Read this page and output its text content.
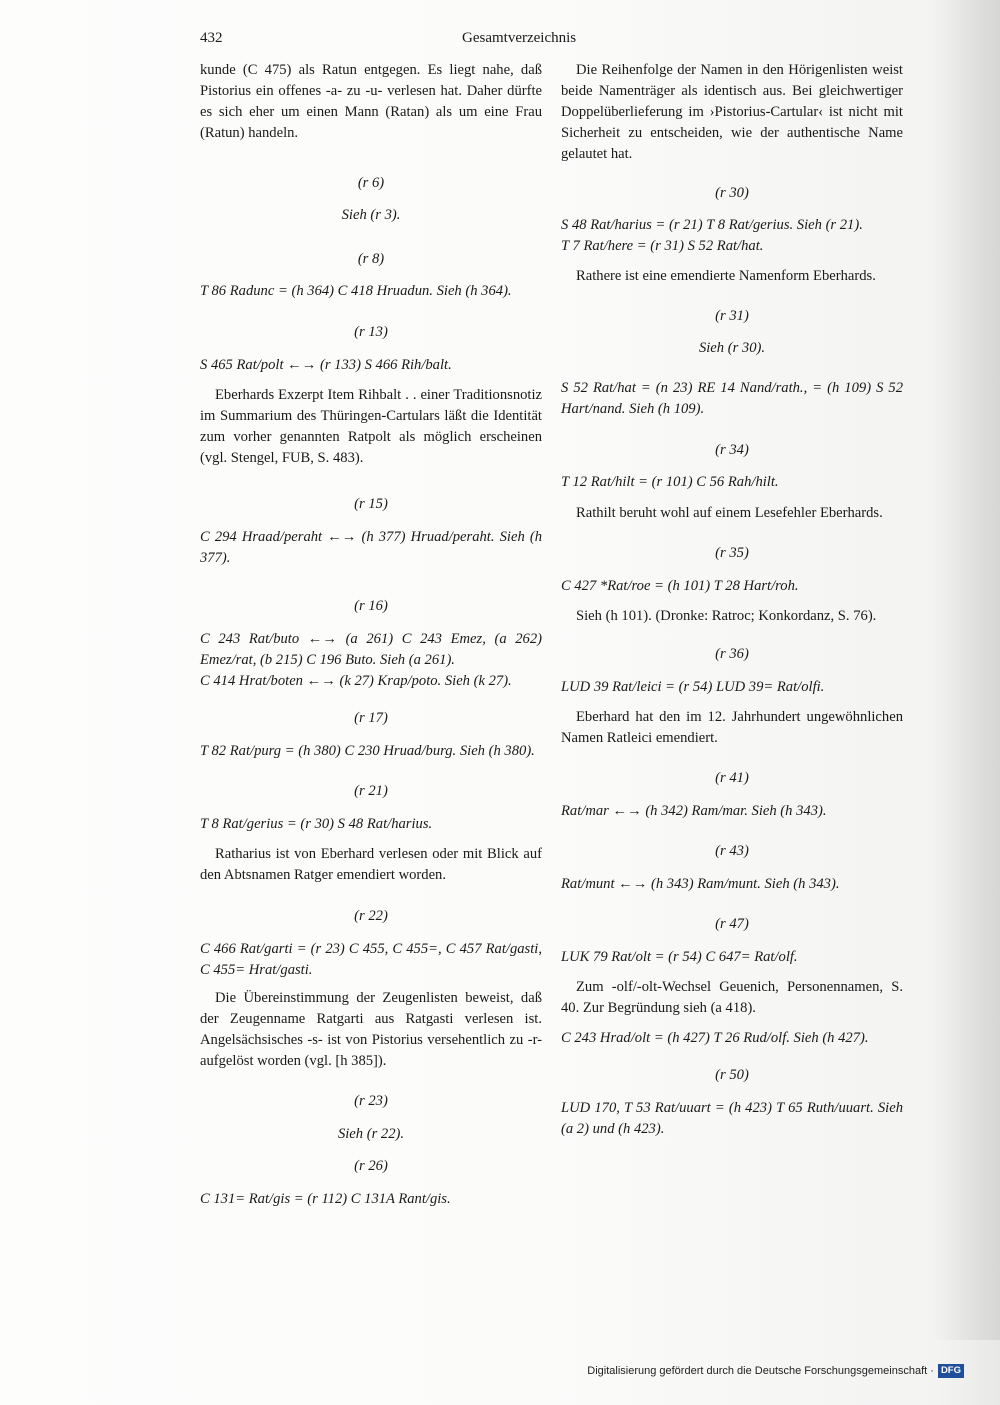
432	Gesamtverzeichnis

kunde (C 475) als Ratun entgegen. Es liegt nahe, daß Pistorius ein offenes -a- zu -u- verlesen hat. Daher dürfte es sich eher um einen Mann (Ratan) als um eine Frau (Ratun) handeln.

(r 6)

Sieh (r 3).

(r 8)

T 86 Radunc = (h 364) C 418 Hruadun. Sieh (h 364).

(r 13)

S 465 Rat/polt ←→ (r 133) S 466 Rih/balt.

Eberhards Exzerpt Item Rihbalt . . einer Traditionsnotiz im Summarium des Thüringen-Cartulars läßt die Identität zum vorher genannten Ratpolt als möglich erscheinen (vgl. Stengel, FUB, S. 483).

(r 15)

C 294 Hraad/peraht ←→ (h 377) Hruad/peraht. Sieh (h 377).

(r 16)

C 243 Rat/buto ←→ (a 261) C 243 Emez, (a 262) Emez/rat, (b 215) C 196 Buto. Sieh (a 261).

C 414 Hrat/boten ←→ (k 27) Krap/poto. Sieh (k 27).

(r 17)

T 82 Rat/purg = (h 380) C 230 Hruad/burg. Sieh (h 380).

(r 21)

T 8 Rat/gerius = (r 30) S 48 Rat/harius.

Ratharius ist von Eberhard verlesen oder mit Blick auf den Abtsnamen Ratger emendiert worden.

(r 22)

C 466 Rat/garti = (r 23) C 455, C 455=, C 457 Rat/gasti, C 455= Hrat/gasti.

Die Übereinstimmung der Zeugenlisten beweist, daß der Zeugenname Ratgarti aus Ratgasti verlesen ist. Angelsächsisches -s- ist von Pistorius versehentlich zu -r- aufgelöst worden (vgl. [h 385]).

(r 23)

Sieh (r 22).

(r 26)

C 131= Rat/gis = (r 112) C 131A Rant/gis.

Die Reihenfolge der Namen in den Hörigenlisten weist beide Namenträger als identisch aus. Bei gleichwertiger Doppelüberlieferung im ›Pistorius-Cartular‹ ist nicht mit Sicherheit zu entscheiden, wie der authentische Name gelautet hat.

(r 30)

S 48 Rat/harius = (r 21) T 8 Rat/gerius. Sieh (r 21).

T 7 Rat/here = (r 31) S 52 Rat/hat.

Rathere ist eine emendierte Namenform Eberhards.

(r 31)

Sieh (r 30).

S 52 Rat/hat = (n 23) RE 14 Nand/rath., = (h 109) S 52 Hart/nand. Sieh (h 109).

(r 34)

T 12 Rat/hilt = (r 101) C 56 Rah/hilt.

Rathilt beruht wohl auf einem Lesefehler Eberhards.

(r 35)

C 427 *Rat/roe = (h 101) T 28 Hart/roh.

Sieh (h 101). (Dronke: Ratroc; Konkordanz, S. 76).

(r 36)

LUD 39 Rat/leici = (r 54) LUD 39= Rat/olfi.

Eberhard hat den im 12. Jahrhundert ungewöhnlichen Namen Ratleici emendiert.

(r 41)

Rat/mar ←→ (h 342) Ram/mar. Sieh (h 343).

(r 43)

Rat/munt ←→ (h 343) Ram/munt. Sieh (h 343).

(r 47)

LUK 79 Rat/olt = (r 54) C 647= Rat/olf.

Zum -olf/-olt-Wechsel Geuenich, Personennamen, S. 40. Zur Begründung sieh (a 418).

C 243 Hrad/olt = (h 427) T 26 Rud/olf. Sieh (h 427).

(r 50)

LUD 170, T 53 Rat/uuart = (h 423) T 65 Ruth/uuart. Sieh (a 2) und (h 423).

Digitalisierung gefördert durch die Deutsche Forschungsgemeinschaft · DFG
